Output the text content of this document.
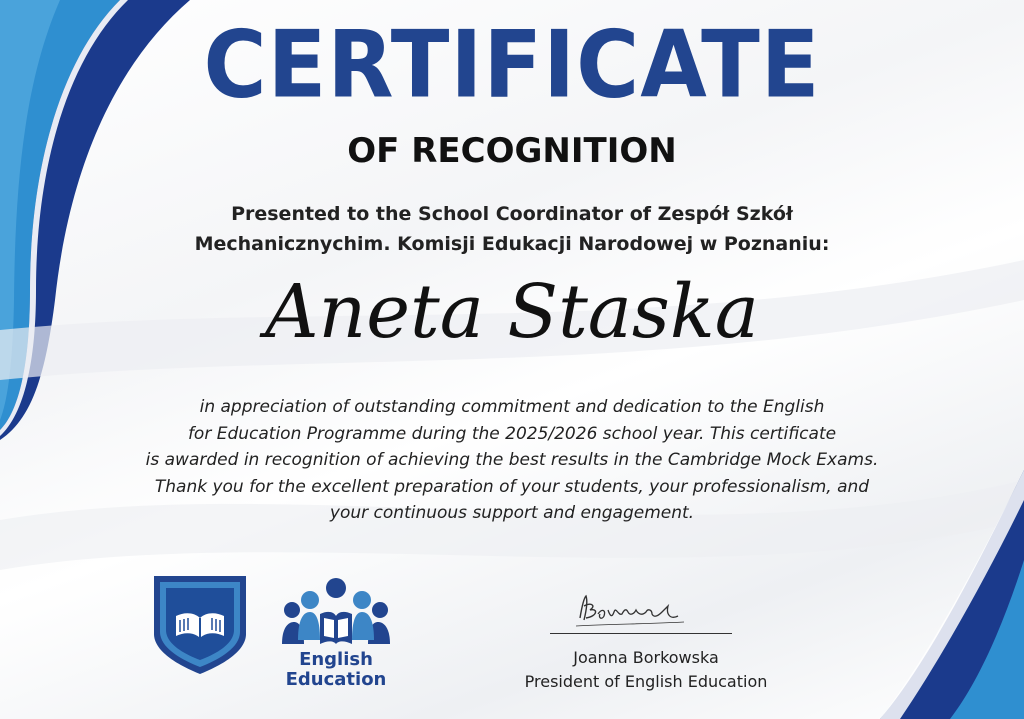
CERTIFICATE
OF RECOGNITION
Presented to the School Coordinator of Zespół Szkół
Mechanicznychim. Komisji Edukacji Narodowej w Poznaniu:
Aneta Staska
in appreciation of outstanding commitment and dedication to the English
for Education Programme during the 2025/2026 school year. This certificate
is awarded in recognition of achieving the best results in the Cambridge Mock Exams.
Thank you for the excellent preparation of your students, your professionalism, and
your continuous support and engagement.
English
Education
Joanna Borkowska
President of English Education
